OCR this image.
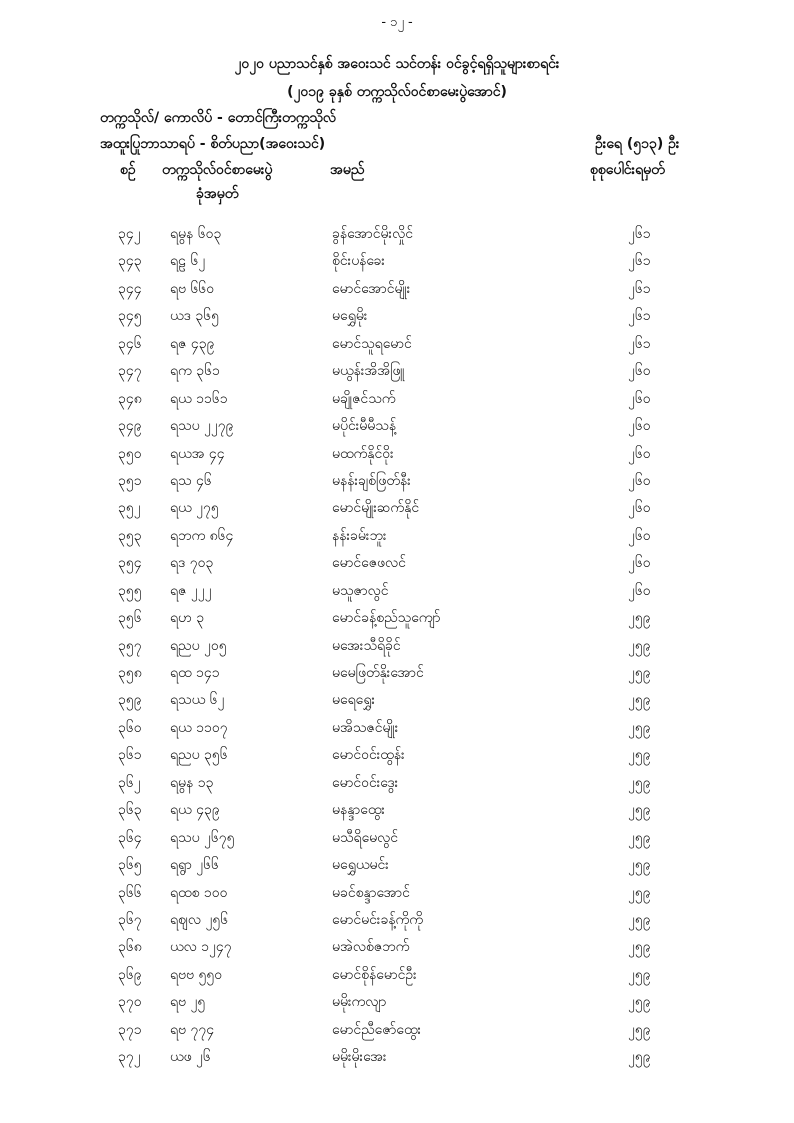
- ၁၂ -
၂၀၂၀ ပညာသင်နှစ် အဝေးသင် သင်တန်း ဝင်ခွင့်ရရှိသူများစာရင်း
(၂၀၁၉ ခုနှစ် တက္ကသိုလ်ဝင်စာမေးပွဲအောင်)
တက္ကသိုလ်/ ကောလိပ် - တောင်ကြီးတက္ကသိုလ်
အထူးပြုဘာသာရပ် - စိတ်ပညာ(အဝေးသင်)	ဦးရေ (၅၁၃) ဦး
စဉ် တက္ကသိုလ်ဝင်စာမေးပွဲ
ခုံအမှတ်
အမည်	စုစုပေါင်းရမှတ်
၃၄၂ ရမွန ၆၀၃	ခွန်အောင်မိုးလှိုင်	၂၆၁
၃၄၃ ရဠ ၆၂	စိုင်းပန်ခေး	၂၆၁
၃၄၄ ရဗ ၆၆၀	မောင်အောင်မျိုး	၂၆၁
၃၄၅ ယဒ ၃၆၅	မရွှေမိုး	၂၆၁
၃၄၆ ရဇ ၄၃၉	မောင်သူရမောင်	၂၆၁
၃၄၇ ရက ၃၆၁	မယွန်းအိအိဖြူ	၂၆၀
၃၄၈ ရယ ၁၁၆၁	မချိုဇင်သက်	၂၆၀
၃၄၉ ရသပ ၂၂၇၉	မပိုင်းမီမီသန့်	၂၆၀
၃၅၀ ရယအ ၄၄	မထက်နိုင်ဝိုး	၂၆၀
၃၅၁ ရသ ၄၆	မနန်းချစ်ဖြတ်နီး	၂၆၀
၃၅၂ ရယ ၂၇၅	မောင်မျိုးဆက်နိုင်	၂၆၀
၃၅၃ ရဘက ၈၆၄	နန်းခမ်းဘူး	၂၆၀
၃၅၄ ရဒ ၇၀၃	မောင်ဇေဖလင်	၂၆၀
၃၅၅ ရဇ ၂၂၂	မသူဇာလွင်	၂၆၀
၃၅၆ ရဟ ၃	မောင်ခန့်စည်သူကျော်	၂၅၉
၃၅၇ ရညပ ၂၀၅	မအေးသီရိခိုင်	၂၅၉
၃၅၈ ရထ ၁၄၁	မမေဖြတ်နိုးအောင်	၂၅၉
၃၅၉ ရသယ ၆၂	မရေရွှေး	၂၅၉
၃၆၀ ရယ ၁၁၀၇	မအိသဇင်မျိုး	၂၅၉
၃၆၁ ရညပ ၃၅၆	မောင်ဝင်းထွန်း	၂၅၉
၃၆၂ ရမွန ၁၃	မောင်ဝင်းဒွေး	၂၅၉
၃၆၃ ရယ ၄၃၉	မနန္ဒာထွေး	၂၅၉
၃၆၄ ရသပ ၂၆၇၅	မသီရိမေလွင်	၂၅၉
၃၆၅ ရရွာ ၂၆၆	မရွှေယမင်း	၂၅၉
၃၆၆ ရထစ ၁၀၀	မခင်စန္ဒာအောင်	၂၅၉
၃၆၇ ရဈလ ၂၅၆	မောင်မင်းခန့်ကိုကို	၂၅၉
၃၆၈ ယလ ၁၂၄၇	မအဲလစ်ဇဘက်	၂၅၉
၃၆၉ ရဗဗ ၅၅၀	မောင်စိုန်မောင်ဦး	၂၅၉
၃၇၀ ရဗ ၂၅	မမိုးကလျာ	၂၅၉
၃၇၁ ရဗ ၇၇၄	မောင်ညီဇော်ထွေး	၂၅၉
၃၇၂ ယဖ ၂၆	မမိုးမိုးအေး	၂၅၉
